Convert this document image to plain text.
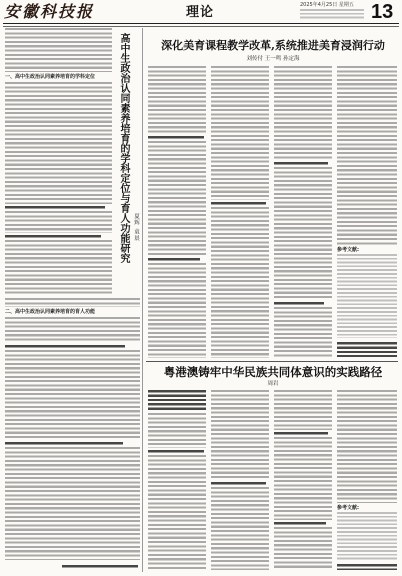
安徽科技报	理论	2025年4月25日 星期五 13
一、高中生政治认同素养培育的学科定位 高中生政治认同素养培育的学科定位与育人功能研究 夏辉 袁晨
二、高中生政治认同素养培育的育人功能
深化美育课程教学改革,系统推进美育浸润行动
刘传付 王一鸣 孙定海
参考文献:
粤港澳铸牢中华民族共同体意识的实践路径
周岩
参考文献:
